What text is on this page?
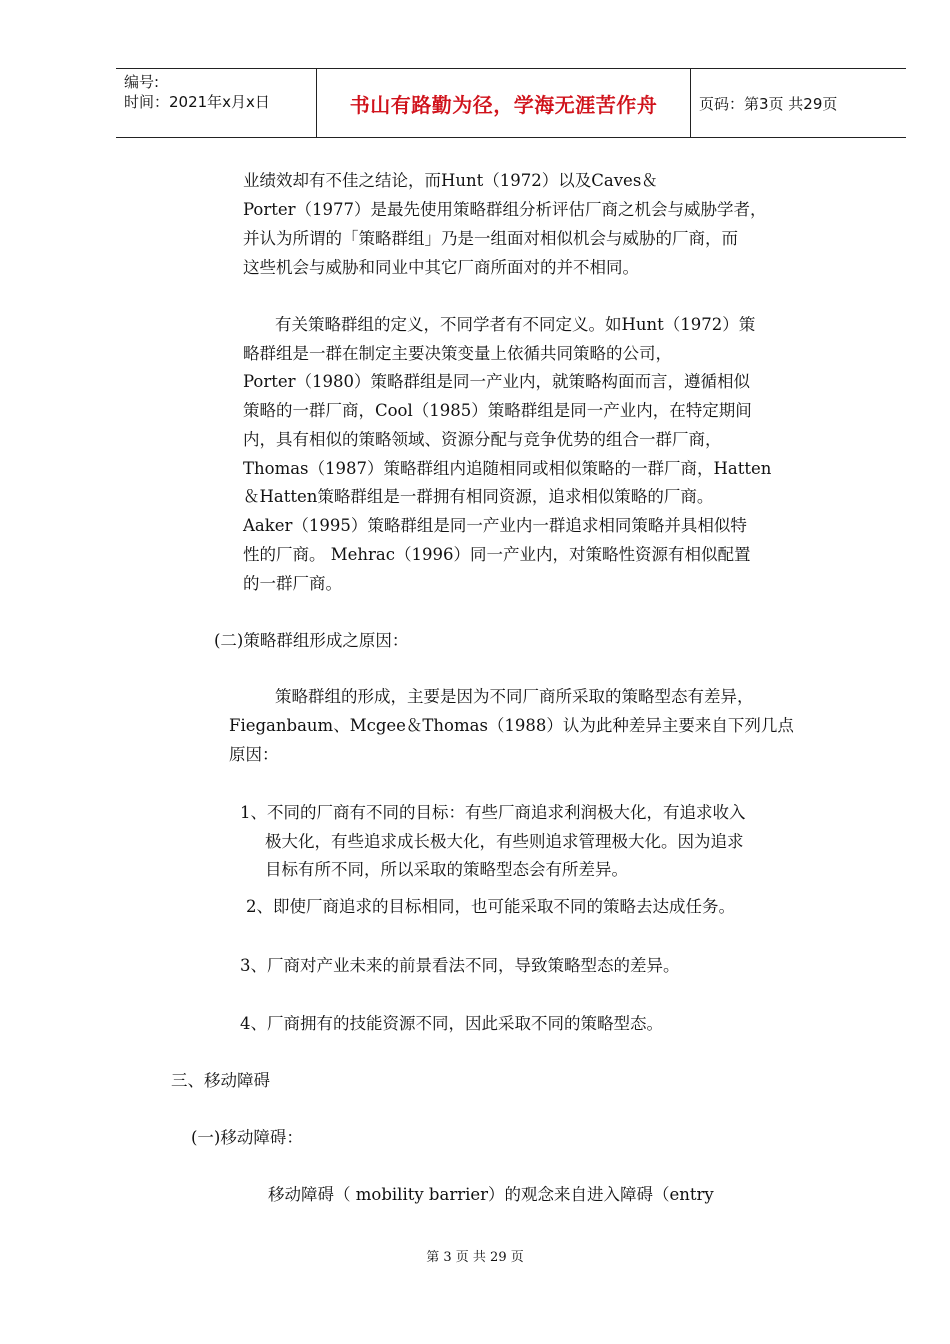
编号:
时间：2021年x月x日	书山有路勤为径，学海无涯苦作舟	页码：第3页 共29页
业绩效却有不佳之结论，而Hunt（1972）以及Caves＆
Porter（1977）是最先使用策略群组分析评估厂商之机会与威胁学者，
并认为所谓的「策略群组」乃是一组面对相似机会与威胁的厂商，而
这些机会与威胁和同业中其它厂商所面对的并不相同。
有关策略群组的定义，不同学者有不同定义。如Hunt（1972）策
略群组是一群在制定主要决策变量上依循共同策略的公司，
Porter（1980）策略群组是同一产业内，就策略构面而言，遵循相似
策略的一群厂商，Cool（1985）策略群组是同一产业内，在特定期间
内，具有相似的策略领域、资源分配与竞争优势的组合一群厂商，
Thomas（1987）策略群组内追随相同或相似策略的一群厂商，Hatten
＆Hatten策略群组是一群拥有相同资源，追求相似策略的厂商。
Aaker（1995）策略群组是同一产业内一群追求相同策略并具相似特
性的厂商。 Mehrac（1996）同一产业内，对策略性资源有相似配置
的一群厂商。
(二)策略群组形成之原因：
策略群组的形成，主要是因为不同厂商所采取的策略型态有差异，
Fieganbaum、Mcgee＆Thomas（1988）认为此种差异主要来自下列几点
原因：
1、不同的厂商有不同的目标：有些厂商追求利润极大化，有追求收入
极大化，有些追求成长极大化，有些则追求管理极大化。因为追求
目标有所不同，所以采取的策略型态会有所差异。
2、即使厂商追求的目标相同，也可能采取不同的策略去达成任务。
3、厂商对产业未来的前景看法不同，导致策略型态的差异。
4、厂商拥有的技能资源不同，因此采取不同的策略型态。
三、移动障碍
(一)移动障碍：
移动障碍（ mobility barrier）的观念来自进入障碍（entry
第 3 页 共 29 页
